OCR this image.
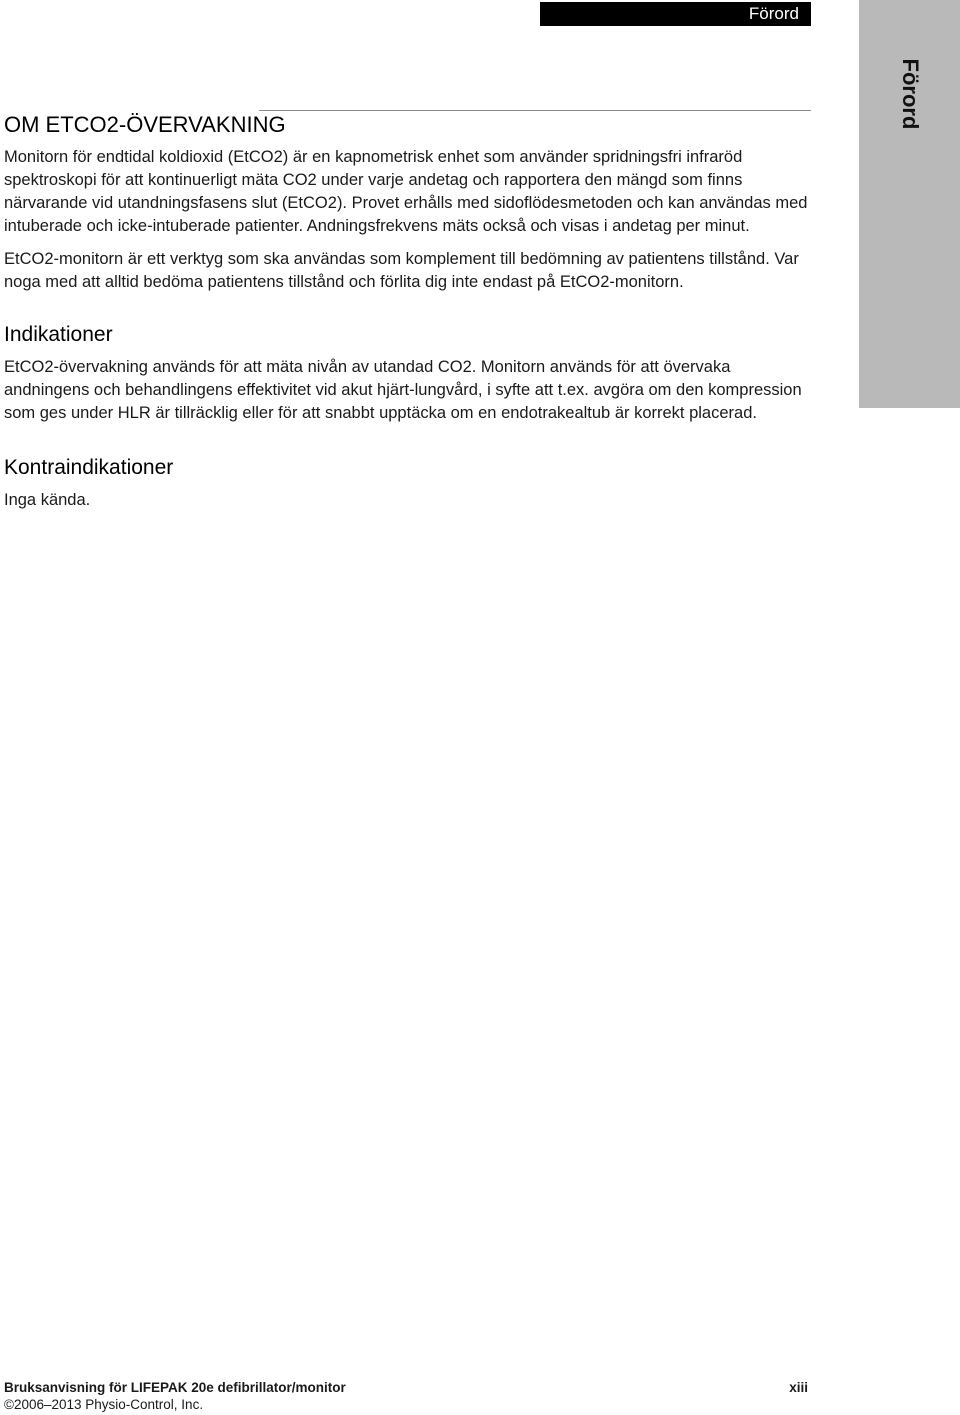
Förord
Förord
OM ETCO2-ÖVERVAKNING

Monitorn för endtidal koldioxid (EtCO2) är en kapnometrisk enhet som använder spridningsfri infraröd spektroskopi för att kontinuerligt mäta CO2 under varje andetag och rapportera den mängd som finns närvarande vid utandningsfasens slut (EtCO2). Provet erhålls med sidoflödesmetoden och kan användas med intuberade och icke-intuberade patienter. Andningsfrekvens mäts också och visas i andetag per minut.

EtCO2-monitorn är ett verktyg som ska användas som komplement till bedömning av patientens tillstånd. Var noga med att alltid bedöma patientens tillstånd och förlita dig inte endast på EtCO2-monitorn.

Indikationer

EtCO2-övervakning används för att mäta nivån av utandad CO2. Monitorn används för att övervaka andningens och behandlingens effektivitet vid akut hjärt-lungvård, i syfte att t.ex. avgöra om den kompression som ges under HLR är tillräcklig eller för att snabbt upptäcka om en endotrakealtub är korrekt placerad.

Kontraindikationer

Inga kända.

Bruksanvisning för LIFEPAK 20e defibrillator/monitor	xiii
©2006–2013 Physio-Control, Inc.
